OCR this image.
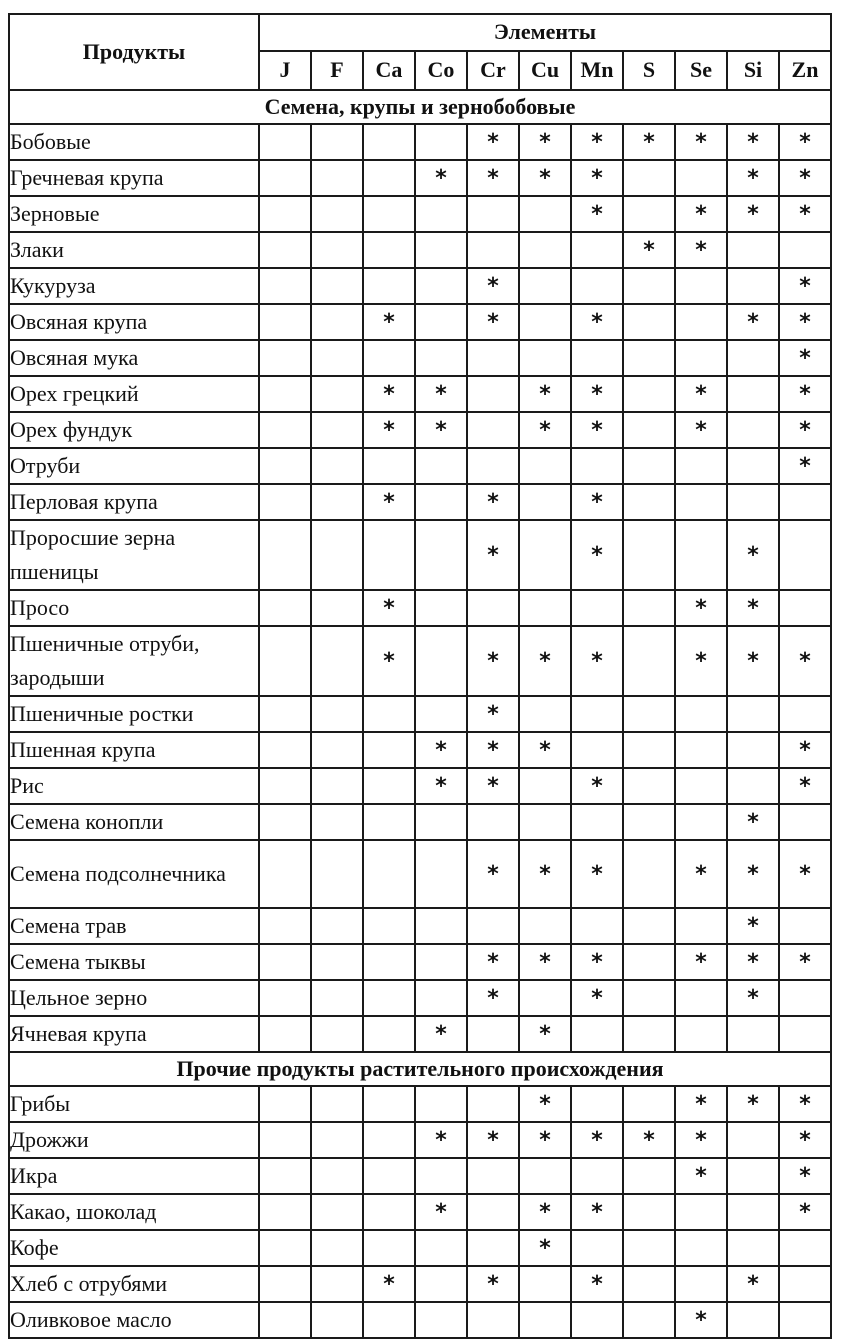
Продукты	Элементы										
	J	F	Ca	Co	Cr	Cu	Mn	S	Se	Si	Zn
Семена, крупы и зернобобовые											
Бобовые					*	*	*	*	*	*	*
Гречневая крупа				*	*	*	*			*	*
Зерновые							*		*	*	*
Злаки								*	*		
Кукуруза					*						*
Овсяная крупа			*		*		*			*	*
Овсяная мука											*
Орех грецкий			*	*		*	*		*		*
Орех фундук			*	*		*	*		*		*
Отруби											*
Перловая крупа			*		*		*				
Проросшие зерна пшеницы					*		*			*	
Просо			*						*	*	
Пшеничные отруби, зародыши			*		*	*	*		*	*	*
Пшеничные ростки					*						
Пшенная крупа				*	*	*					*
Рис				*	*		*				*
Семена конопли										*	
Семена подсолнечника					*	*	*		*	*	*
Семена трав										*	
Семена тыквы					*	*	*		*	*	*
Цельное зерно					*		*			*	
Ячневая крупа				*		*					
Прочие продукты растительного происхождения											
Грибы						*			*	*	*
Дрожжи				*	*	*	*	*	*		*
Икра									*		*
Какао, шоколад				*		*	*				*
Кофе						*					
Хлеб с отрубями			*		*		*			*	
Оливковое масло									*		
